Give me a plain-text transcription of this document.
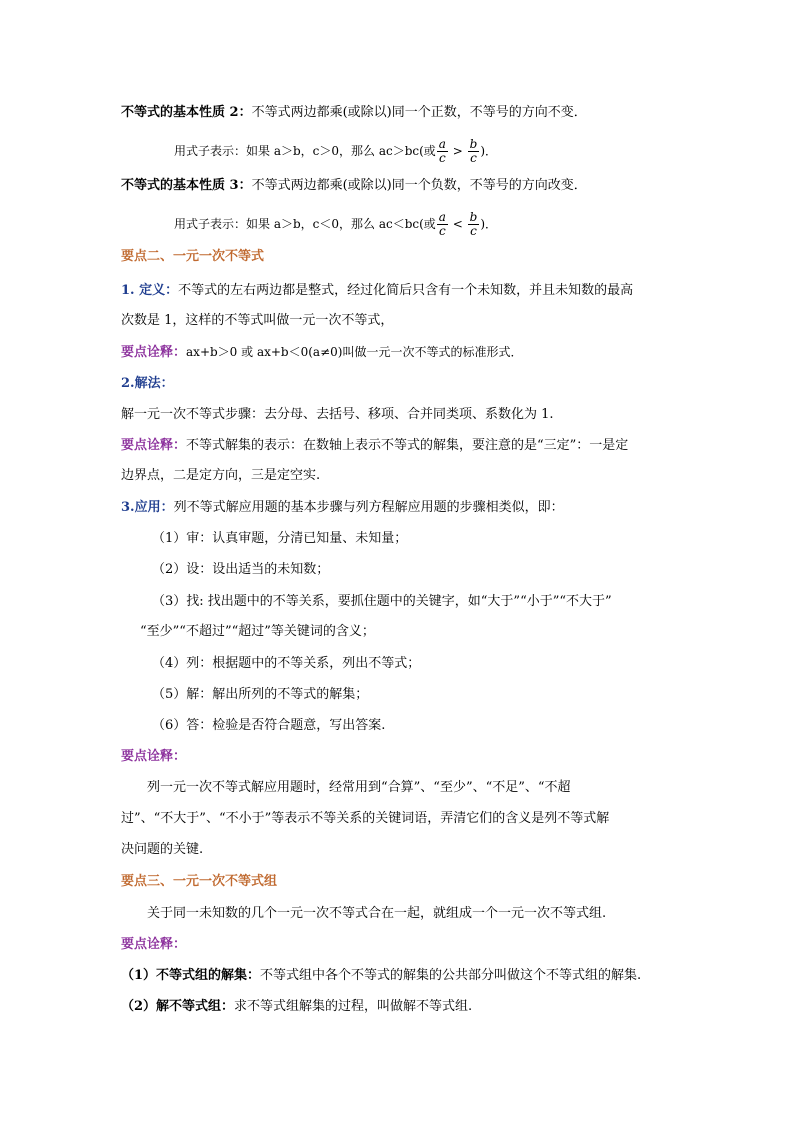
不等式的基本性质 2：不等式两边都乘(或除以)同一个正数，不等号的方向不变．
用式子表示：如果 a＞b，c＞0，那么 ac＞bc(或 $\frac{a}{c} > \frac{b}{c}$ )．
不等式的基本性质 3：不等式两边都乘(或除以)同一个负数，不等号的方向改变．
用式子表示：如果 a＞b，c＜0，那么 ac＜bc(或 $\frac{a}{c} < \frac{b}{c}$ )．
要点二、一元一次不等式
1. 定义：不等式的左右两边都是整式，经过化简后只含有一个未知数，并且未知数的最高
次数是 1，这样的不等式叫做一元一次不等式，
要点诠释：ax+b＞0 或 ax+b＜0(a≠0)叫做一元一次不等式的标准形式．
2.解法：
解一元一次不等式步骤：去分母、去括号、移项、合并同类项、系数化为 1.
要点诠释：不等式解集的表示：在数轴上表示不等式的解集，要注意的是“三定”：一是定
边界点，二是定方向，三是定空实.
3.应用：列不等式解应用题的基本步骤与列方程解应用题的步骤相类似，即：
（1）审：认真审题，分清已知量、未知量；
（2）设：设出适当的未知数；
（3）找: 找出题中的不等关系，要抓住题中的关键字，如“大于”“小于”“不大于”
“至少”“不超过”“超过”等关键词的含义；
（4）列：根据题中的不等关系，列出不等式；
（5）解：解出所列的不等式的解集；
（6）答：检验是否符合题意，写出答案.
要点诠释：
列一元一次不等式解应用题时，经常用到“合算”、“至少”、“不足”、“不超
过”、“不大于”、“不小于”等表示不等关系的关键词语，弄清它们的含义是列不等式解
决问题的关键.
要点三、一元一次不等式组
关于同一未知数的几个一元一次不等式合在一起，就组成一个一元一次不等式组.
要点诠释：
（1）不等式组的解集：不等式组中各个不等式的解集的公共部分叫做这个不等式组的解集.
（2）解不等式组：求不等式组解集的过程，叫做解不等式组.
